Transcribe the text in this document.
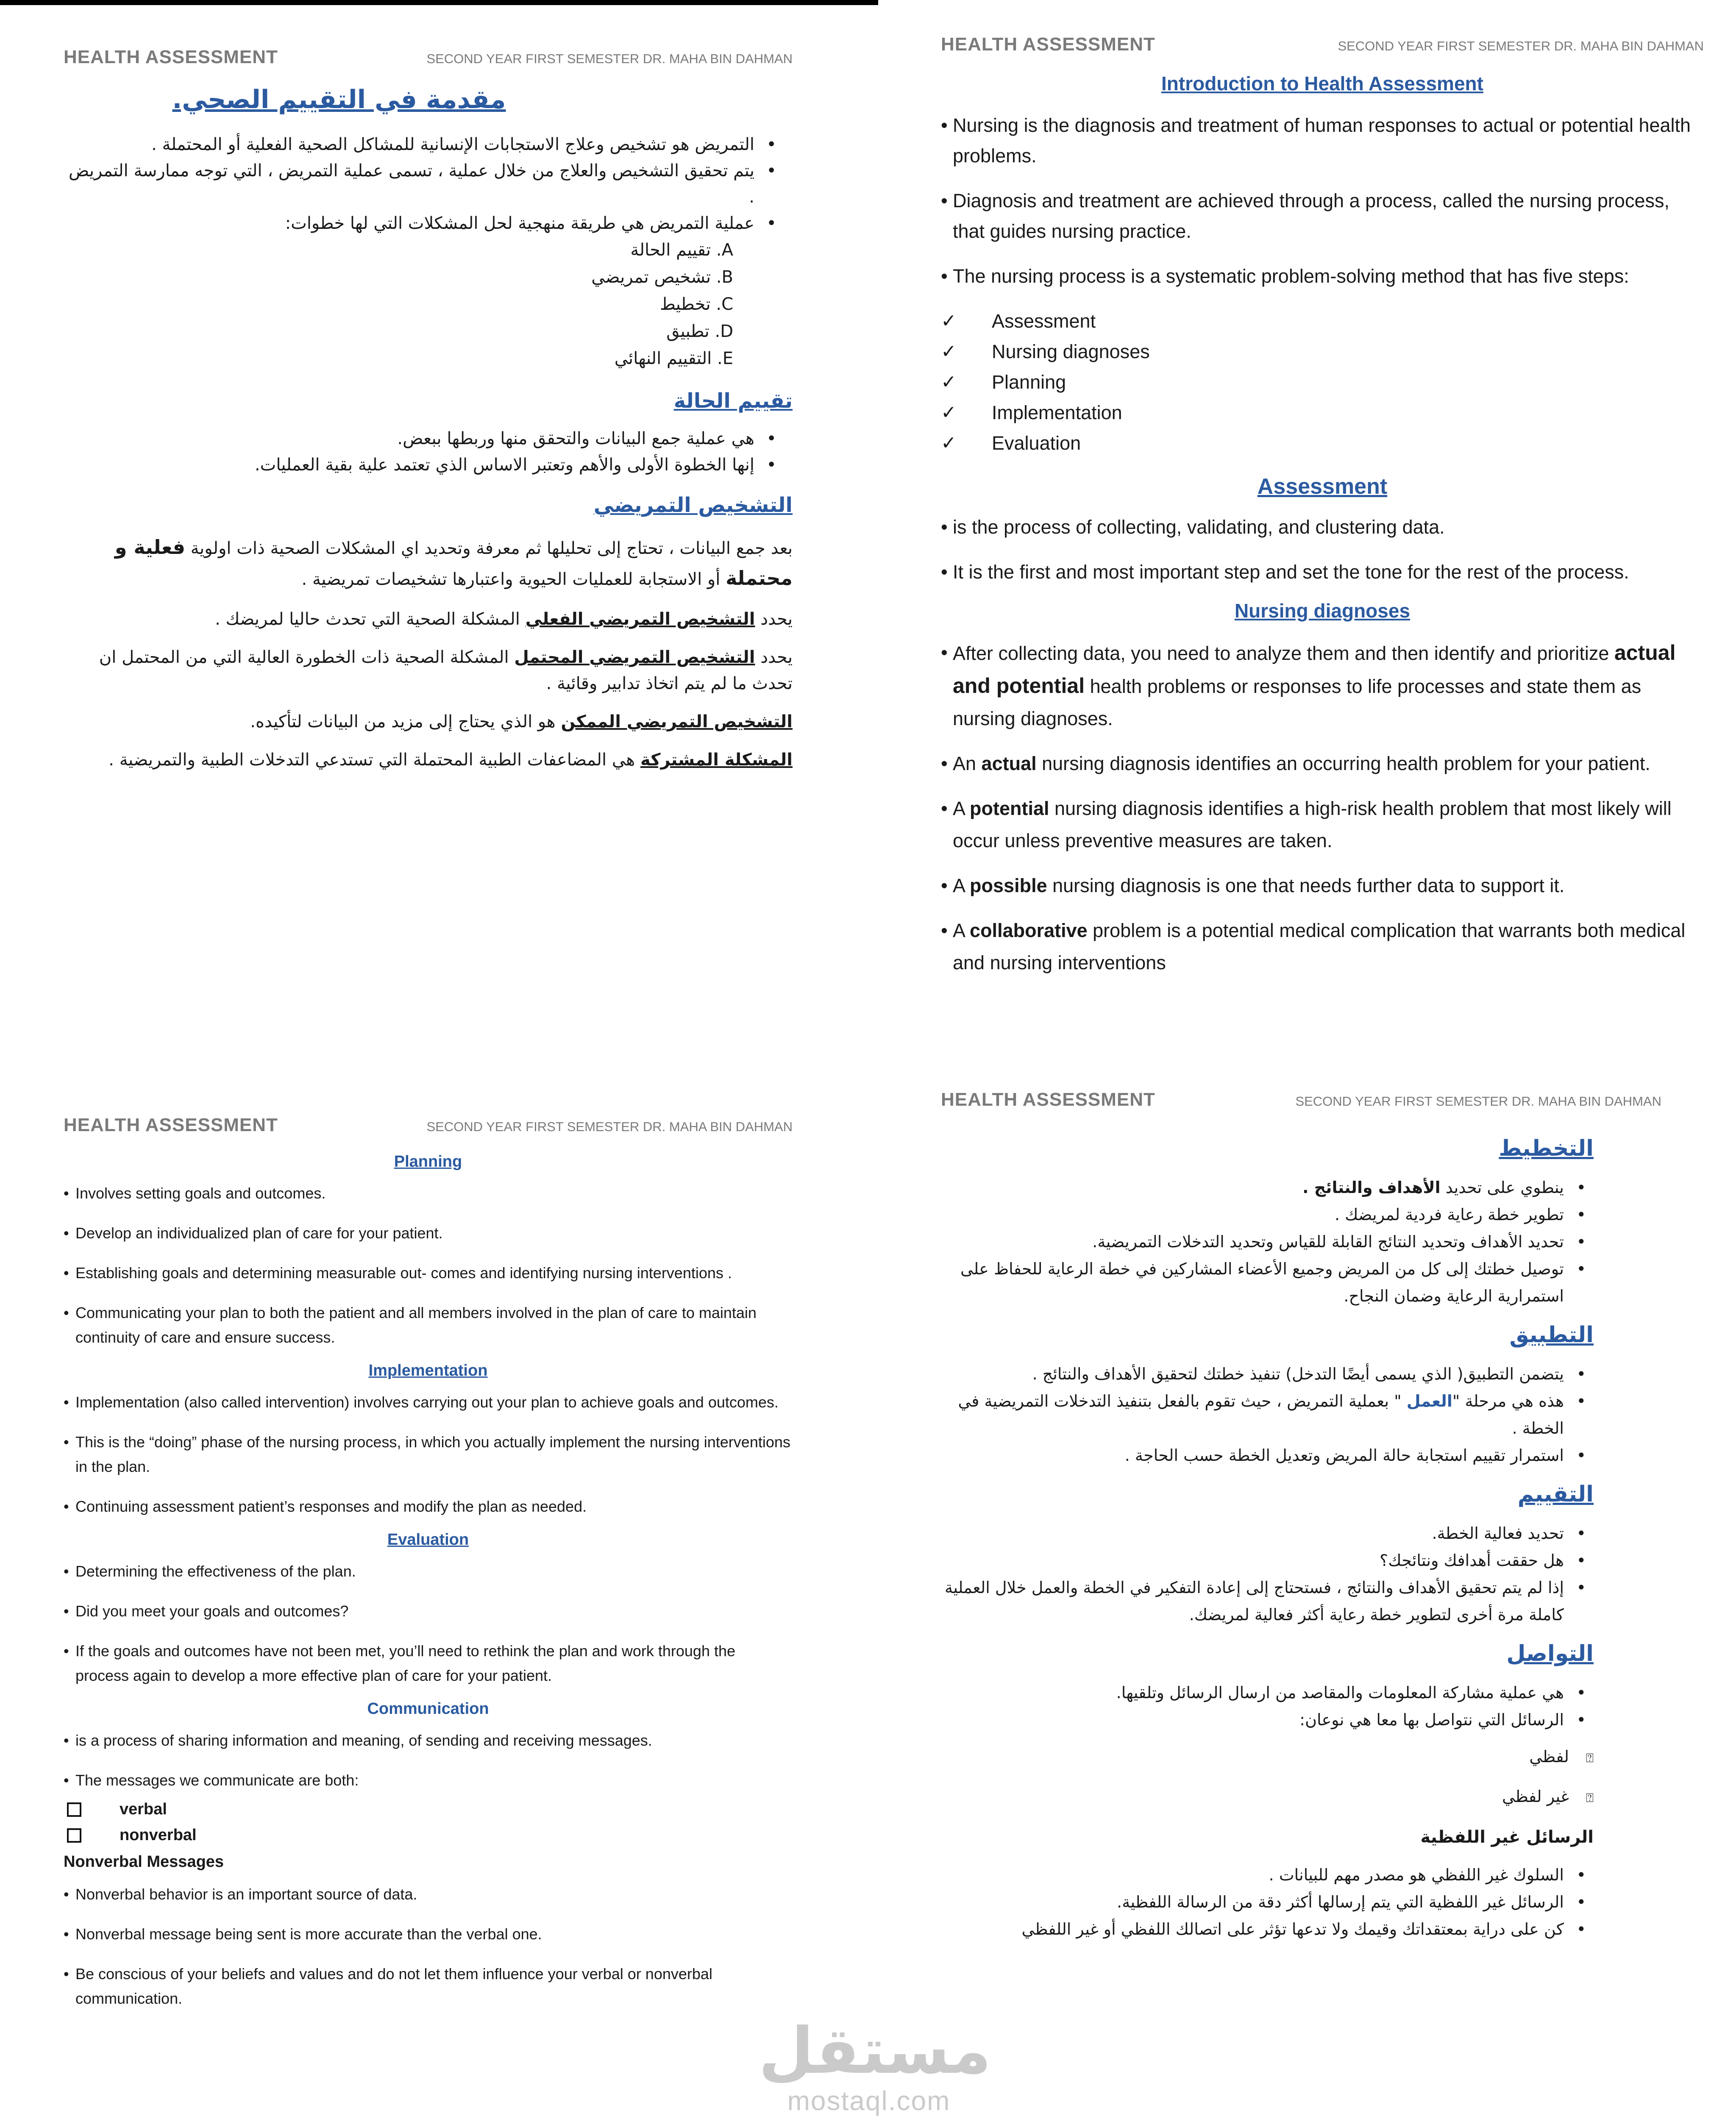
HEALTH ASSESSMENT	SECOND YEAR FIRST SEMESTER DR. MAHA BIN DAHMAN
مقدمة في التقييم الصحي.
• التمريض هو تشخيص وعلاج الاستجابات الإنسانية للمشاكل الصحية الفعلية أو المحتملة .
• يتم تحقيق التشخيص والعلاج من خلال عملية ، تسمى عملية التمريض ، التي توجه ممارسة التمريض .
• عملية التمريض هي طريقة منهجية لحل المشكلات التي لها خطوات:
A. تقييم الحالة
B. تشخيص تمريضي
C. تخطيط
D. تطبيق
E. التقييم النهائي
تقييم الحالة
• هي عملية جمع البيانات والتحقق منها وربطها ببعض.
• إنها الخطوة الأولى والأهم وتعتبر الاساس الذي تعتمد علية بقية العمليات.
التشخيص التمريضي

بعد جمع البيانات ، تحتاج إلى تحليلها ثم معرفة وتحديد اي المشكلات الصحية ذات اولوية فعلية و محتملة أو الاستجابة للعمليات الحيوية واعتبارها تشخيصات تمريضية .

يحدد التشخيص التمريضي الفعلي المشكلة الصحية التي تحدث حاليا لمريضك .

يحدد التشخيص التمريضي المحتمل المشكلة الصحية ذات الخطورة العالية التي من المحتمل ان تحدث ما لم يتم اتخاذ تدابير وقائية .

التشخيص التمريضي الممكن هو الذي يحتاج إلى مزيد من البيانات لتأكيده.

المشكلة المشتركة هي المضاعفات الطبية المحتملة التي تستدعي التدخلات الطبية والتمريضية .

HEALTH ASSESSMENT	SECOND YEAR FIRST SEMESTER DR. MAHA BIN DAHMAN
Introduction to Health Assessment
• Nursing is the diagnosis and treatment of human responses to actual or potential health problems.
• Diagnosis and treatment are achieved through a process, called the nursing process, that guides nursing practice.
• The nursing process is a systematic problem-solving method that has five steps:
✓	Assessment
✓	Nursing diagnoses
✓	Planning
✓	Implementation
✓	Evaluation
Assessment
• is the process of collecting, validating, and clustering data.
• It is the first and most important step and set the tone for the rest of the process.
Nursing diagnoses
• After collecting data, you need to analyze them and then identify and prioritize actual and potential health problems or responses to life processes and state them as nursing diagnoses.
• An actual nursing diagnosis identifies an occurring health problem for your patient.
• A potential nursing diagnosis identifies a high-risk health problem that most likely will occur unless preventive measures are taken.
• A possible nursing diagnosis is one that needs further data to support it.
• A collaborative problem is a potential medical complication that warrants both medical and nursing interventions
HEALTH ASSESSMENT	SECOND YEAR FIRST SEMESTER DR. MAHA BIN DAHMAN
Planning
• Involves setting goals and outcomes.
• Develop an individualized plan of care for your patient.
• Establishing goals and determining measurable out- comes and identifying nursing interventions .
• Communicating your plan to both the patient and all members involved in the plan of care to maintain continuity of care and ensure success.
Implementation
• Implementation (also called intervention) involves carrying out your plan to achieve goals and outcomes.
• This is the “doing” phase of the nursing process, in which you actually implement the nursing interventions in the plan.
• Continuing assessment patient’s responses and modify the plan as needed.
Evaluation
• Determining the effectiveness of the plan.
• Did you meet your goals and outcomes?
• If the goals and outcomes have not been met, you’ll need to rethink the plan and work through the process again to develop a more effective plan of care for your patient.
Communication
• is a process of sharing information and meaning, of sending and receiving messages.
• The messages we communicate are both:
verbal
nonverbal
Nonverbal Messages
• Nonverbal behavior is an important source of data.
• Nonverbal message being sent is more accurate than the verbal one.
• Be conscious of your beliefs and values and do not let them influence your verbal or nonverbal communication.
HEALTH ASSESSMENT	SECOND YEAR FIRST SEMESTER DR. MAHA BIN DAHMAN
التخطيط
• ينطوي على تحديد الأهداف والنتائج .
• تطوير خطة رعاية فردية لمريضك .
• تحديد الأهداف وتحديد النتائج القابلة للقياس وتحديد التدخلات التمريضية.
• توصيل خطتك إلى كل من المريض وجميع الأعضاء المشاركين في خطة الرعاية للحفاظ على استمرارية الرعاية وضمان النجاح.
التطبيق
• يتضمن التطبيق( الذي يسمى أيضًا التدخل) تنفيذ خطتك لتحقيق الأهداف والنتائج .
• هذه هي مرحلة "العمل " بعملية التمريض ، حيث تقوم بالفعل بتنفيذ التدخلات التمريضية في الخطة .
• استمرار تقييم استجابة حالة المريض وتعديل الخطة حسب الحاجة .
التقييم
• تحديد فعالية الخطة.
• هل حققت أهدافك ونتائجك؟
• إذا لم يتم تحقيق الأهداف والنتائج ، فستحتاج إلى إعادة التفكير في الخطة والعمل خلال العملية كاملة مرة أخرى لتطوير خطة رعاية أكثر فعالية لمريضك.
التواصل
• هي عملية مشاركة المعلومات والمقاصد من ارسال الرسائل وتلقيها.
• الرسائل التي نتواصل بها معا هي نوعان:
⍰لفظي
⍰غير لفظي
الرسائل غير اللفظية
• السلوك غير اللفظي هو مصدر مهم للبيانات .
• الرسائل غير اللفظية التي يتم إرسالها أكثر دقة من الرسالة اللفظية.
• كن على دراية بمعتقداتك وقيمك ولا تدعها تؤثر على اتصالك اللفظي أو غير اللفظي
مستقل
mostaql.com
